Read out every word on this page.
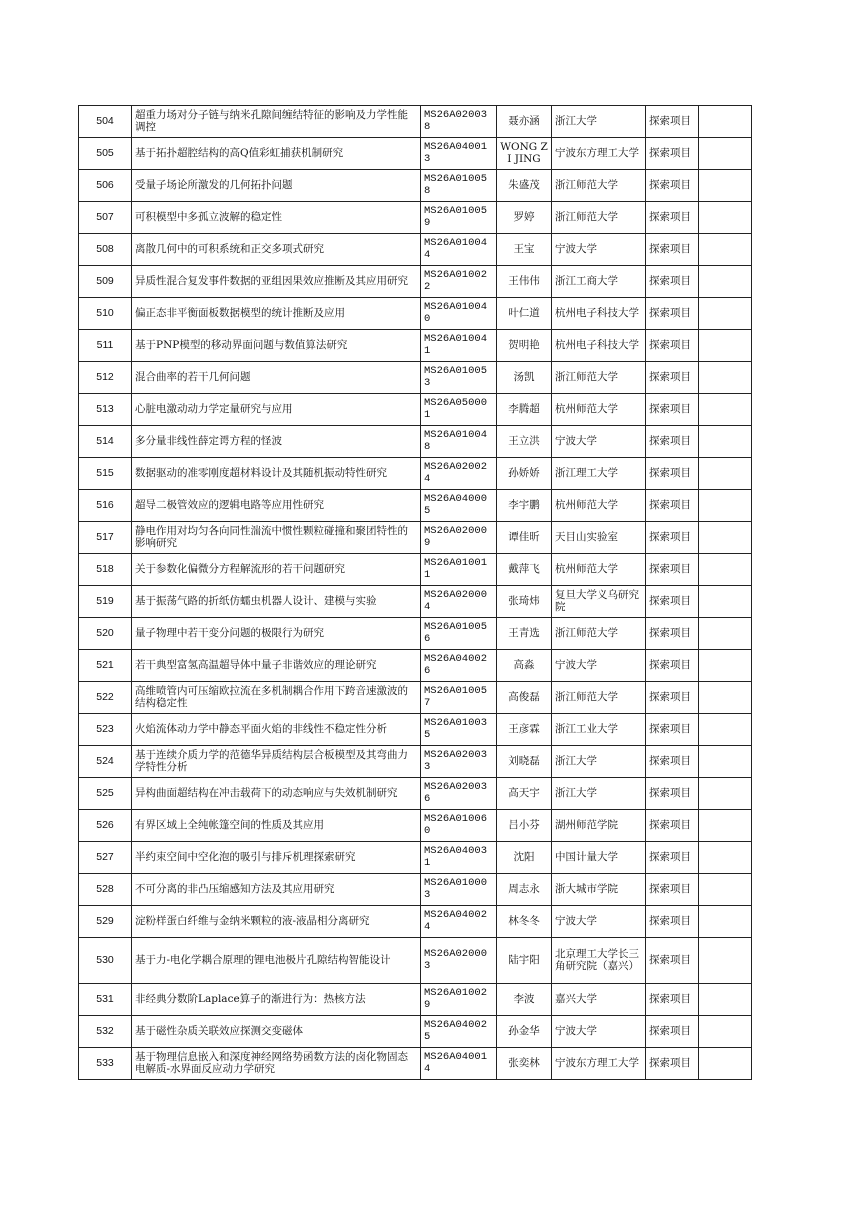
504	超重力场对分子链与纳米孔隙间缠结特征的影响及力学性能调控	MS26A020038	聂亦涵	浙江大学	探索项目	
505	基于拓扑超腔结构的高Q值彩虹捕获机制研究	MS26A040013	WONG ZI JING	宁波东方理工大学	探索项目	
506	受量子场论所激发的几何拓扑问题	MS26A010058	朱盛茂	浙江师范大学	探索项目	
507	可积模型中多孤立波解的稳定性	MS26A010059	罗婷	浙江师范大学	探索项目	
508	离散几何中的可积系统和正交多项式研究	MS26A010044	王宝	宁波大学	探索项目	
509	异质性混合复发事件数据的亚组因果效应推断及其应用研究	MS26A010022	王伟伟	浙江工商大学	探索项目	
510	偏正态非平衡面板数据模型的统计推断及应用	MS26A010040	叶仁道	杭州电子科技大学	探索项目	
511	基于PNP模型的移动界面问题与数值算法研究	MS26A010041	贺明艳	杭州电子科技大学	探索项目	
512	混合曲率的若干几何问题	MS26A010053	汤凯	浙江师范大学	探索项目	
513	心脏电激动动力学定量研究与应用	MS26A050001	李腾超	杭州师范大学	探索项目	
514	多分量非线性薛定谔方程的怪波	MS26A010048	王立洪	宁波大学	探索项目	
515	数据驱动的准零刚度超材料设计及其随机振动特性研究	MS26A020024	孙娇娇	浙江理工大学	探索项目	
516	超导二极管效应的逻辑电路等应用性研究	MS26A040005	李宇鹏	杭州师范大学	探索项目	
517	静电作用对均匀各向同性湍流中惯性颗粒碰撞和聚团特性的影响研究	MS26A020009	谭佳昕	天目山实验室	探索项目	
518	关于参数化偏微分方程解流形的若干问题研究	MS26A010011	戴萍飞	杭州师范大学	探索项目	
519	基于振荡气路的折纸仿蠕虫机器人设计、建模与实验	MS26A020004	张琦炜	复旦大学义乌研究院	探索项目	
520	量子物理中若干变分问题的极限行为研究	MS26A010056	王青选	浙江师范大学	探索项目	
521	若干典型富氢高温超导体中量子非谐效应的理论研究	MS26A040026	高淼	宁波大学	探索项目	
522	高维喷管内可压缩欧拉流在多机制耦合作用下跨音速激波的结构稳定性	MS26A010057	高俊磊	浙江师范大学	探索项目	
523	火焰流体动力学中静态平面火焰的非线性不稳定性分析	MS26A010035	王彦霖	浙江工业大学	探索项目	
524	基于连续介质力学的范德华异质结构层合板模型及其弯曲力学特性分析	MS26A020033	刘晓磊	浙江大学	探索项目	
525	异构曲面超结构在冲击载荷下的动态响应与失效机制研究	MS26A020036	高天宇	浙江大学	探索项目	
526	有界区域上全纯帐篷空间的性质及其应用	MS26A010060	吕小芬	湖州师范学院	探索项目	
527	半约束空间中空化泡的吸引与排斥机理探索研究	MS26A040031	沈阳	中国计量大学	探索项目	
528	不可分离的非凸压缩感知方法及其应用研究	MS26A010003	周志永	浙大城市学院	探索项目	
529	淀粉样蛋白纤维与金纳米颗粒的液-液晶相分离研究	MS26A040024	林冬冬	宁波大学	探索项目	
530	基于力-电化学耦合原理的锂电池极片孔隙结构智能设计	MS26A020003	陆宇阳	北京理工大学长三角研究院（嘉兴）	探索项目	
531	非经典分数阶Laplace算子的渐进行为：热核方法	MS26A010029	李波	嘉兴大学	探索项目	
532	基于磁性杂质关联效应探测交变磁体	MS26A040025	孙金华	宁波大学	探索项目	
533	基于物理信息嵌入和深度神经网络势函数方法的卤化物固态电解质-水界面反应动力学研究	MS26A040014	张奕林	宁波东方理工大学	探索项目	
